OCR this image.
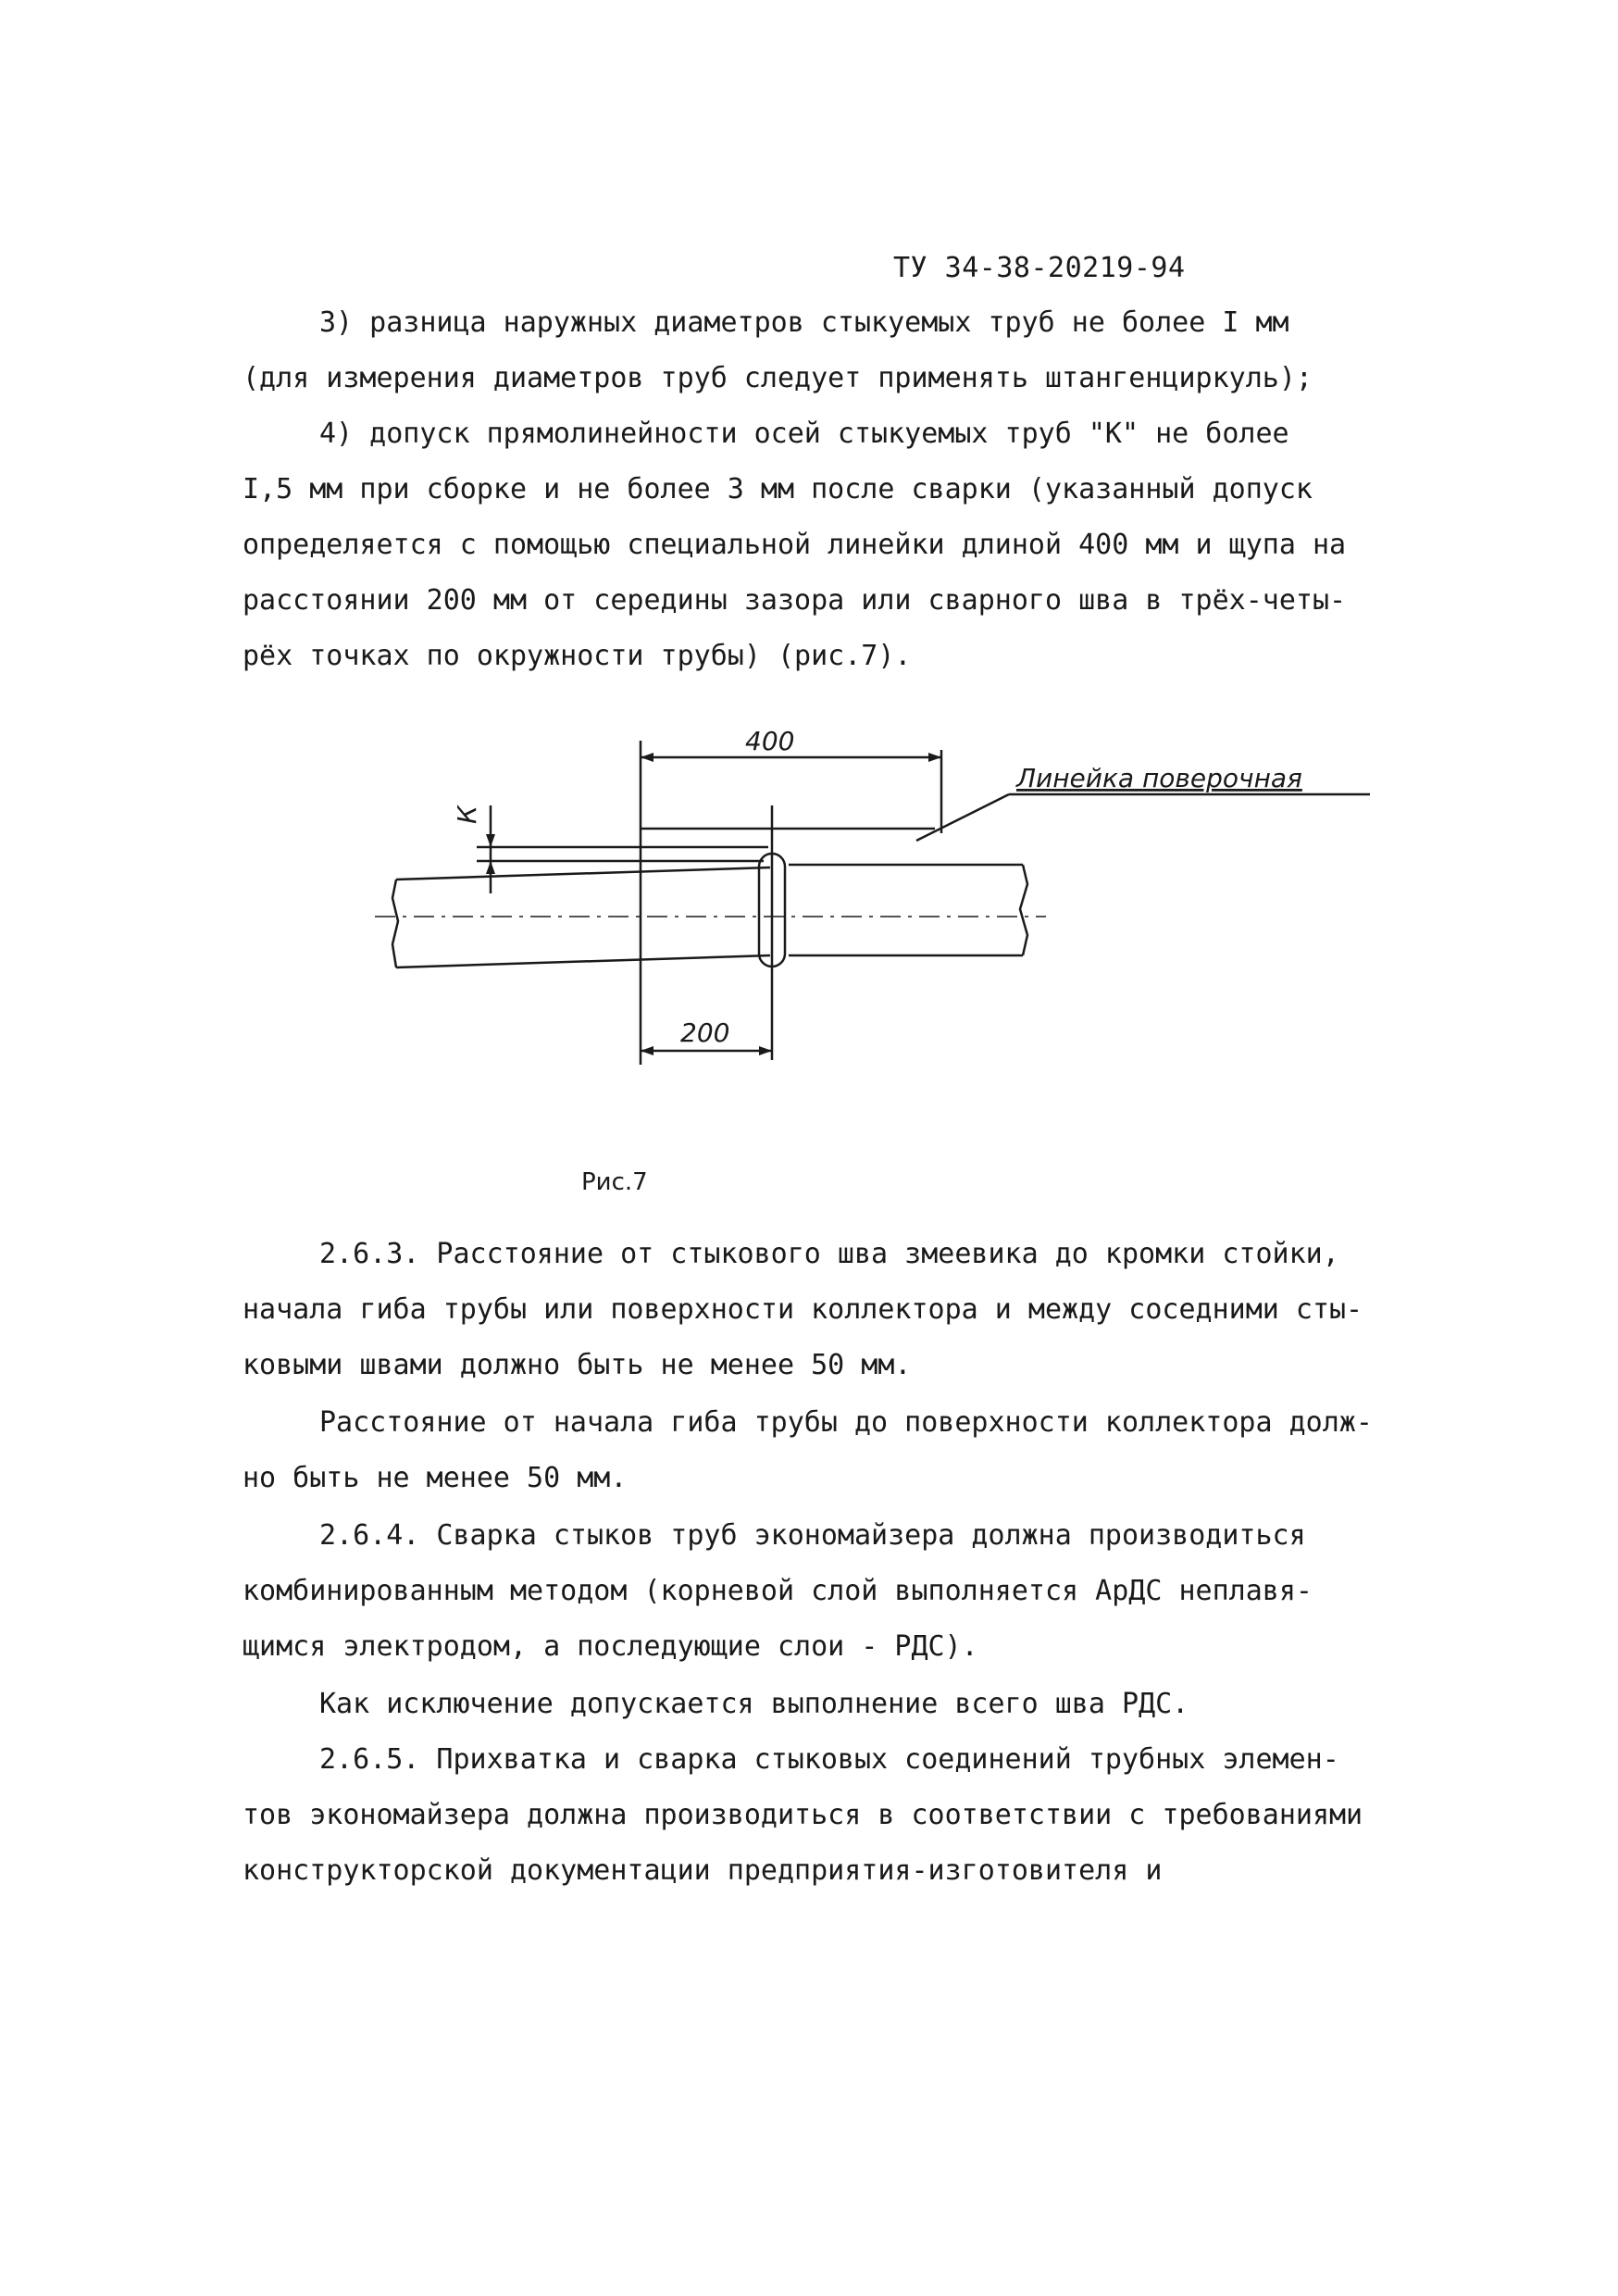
ТУ 34-38-20219-94
3) разница наружных диаметров стыкуемых труб не более I мм
(для измерения диаметров труб следует применять штангенциркуль);
4) допуск прямолинейности осей стыкуемых труб "К" не более
I,5 мм при сборке и не более 3 мм после сварки (указанный допуск
определяется с помощью специальной линейки длиной 400 мм и щупа на
расстоянии 200 мм от середины зазора или сварного шва в трёх-четы-
рёх точках по окружности трубы) (рис.7).
400
200
К
Линейка поверочная
Рис.7
2.6.3. Расстояние от стыкового шва змеевика до кромки стойки,
начала гиба трубы или поверхности коллектора и между соседними сты-
ковыми швами должно быть не менее 50 мм.
Расстояние от начала гиба трубы до поверхности коллектора долж-
но быть не менее 50 мм.
2.6.4. Сварка стыков труб экономайзера должна производиться
комбинированным методом (корневой слой выполняется АрДС неплавя-
щимся электродом, а последующие слои - РДС).
Как исключение допускается выполнение всего шва РДС.
2.6.5. Прихватка и сварка стыковых соединений трубных элемен-
тов экономайзера должна производиться в соответствии с требованиями
конструкторской документации предприятия-изготовителя и
